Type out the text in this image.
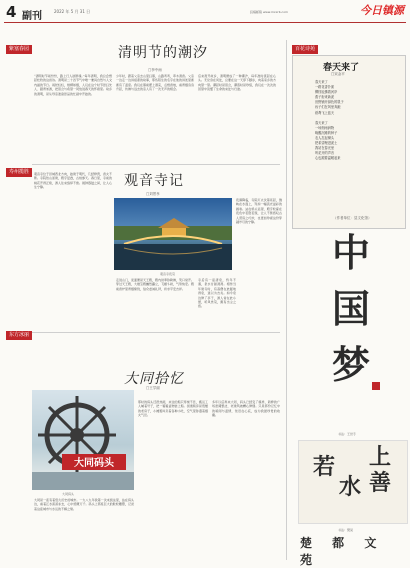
4 副刊	2022 年 5 月 31 日	投稿邮箱 www.mxxrb.com	今日镇源
紫塞春园
寿州揽胜
东方冰丽
清明节的潮汐
□李中雨
“清明时节雨纷纷，路上行人欲断魂。”每年清明，我总会想起杜牧的这首诗。清明是二十四节气中唯一兼具自然与人文内涵的节日。雨丝轻轻，细柳如烟，人们在这个时节祭扫先人、踏青郊游，把思念与希望一同放进春天的怀抱里。故乡的清明，是从母亲准备祭品的忙碌中开始的。
少年时，跟着父亲去山里扫墓，山路弯弯，草木清香。父亲一边走一边讲祖辈的故事，那些陌生的名字在他的讲述里渐渐有了温度。我们在墓前摆上酒菜，点燃香烛，看青烟袅袅升起，仿佛与远去的亲人有了一次无声的相会。
后来离开故乡，清明便成了一种潮汐，每年准时涨起在心头。无论身在何处，总要在这一天停下脚步，向着家乡的方向望一望。潮起时是思念，潮落时是珍惜，我们在一次次的回望中读懂了生命的来处与归途。
观音寺记
□刘景孝
观音寺位于县城西北方向，始建于明代，几经修葺，香火不断。寺院依山而建，殿宇层叠，古柏参天。春日里，寺前的桃花开得正艳，游人往来络绎不绝。晨钟暮鼓之间，让人心生宁静。
观音寺夜景
走进山门，迎面便是天王殿，殿内供奉弥勒佛，笑口常开。穿过天王殿，大雄宝殿巍然矗立，飞檐斗拱，气势恢宏。殿前香炉里青烟缭绕，信众虔诚礼拜，祈求平安吉祥。
寺后有一泓清泉，终年不涸，泉水甘甜清冽。相传当年建寺时，有高僧在此掘地得泉，遂以为吉兆。如今泉边修了亭子，游人常在此小憩，听风赏景，颇有出尘之感。
夜幕降临，寺院灯火次第亮起，倒映在水面上，宛如一幅流光溢彩的画卷。站在桥头远望，殿宇轮廓在夜色中若隐若现，让人不禁感叹古人营造之巧妙，也更加珍视这份穿越岁月的宁静。
大同拾忆
□王学丽
大同码头
大同码头
大同是一座有着悠久历史的城市。一九八九年我第一次来到这里，站在码头边，看着江水滚滚东去，心中感慨万千。码头上那座巨大的舵轮雕塑，记录着这座城市与水运的不解之缘。
那时的码头还很热闹，来往的船只穿梭不息，搬运工人喊着号子，把一箱箱货物装上船。街道两旁是低矮的老房子，小摊贩叫卖着各种小吃，空气里弥漫着烟火气息。
多年以后再来大同，码头已经变了模样，新修的广场宽阔整洁，老建筑被精心修缮。只是那份记忆中的喧闹与温情，依旧在心底，成为我最珍贵的收藏。
百花诗苑
春天来了
□宋金平
春天来了
一路花香扑面
柳枝轻拂着河岸
燕子衔来新泥
田野铺开绿色的毯子
孩子们在风里奔跑
纸鸢飞上蓝天

春天来了
一场细雨润物
唤醒沉睡的种子
农人扛起锄头
把希望埋进泥土
我站在春光里
听花开的声音
心也跟着温暖起来
（作者单位：县文化馆）
中
国
梦
书法：王世专
上
善
若
水
书法：樊昊
楚 都 文 苑
